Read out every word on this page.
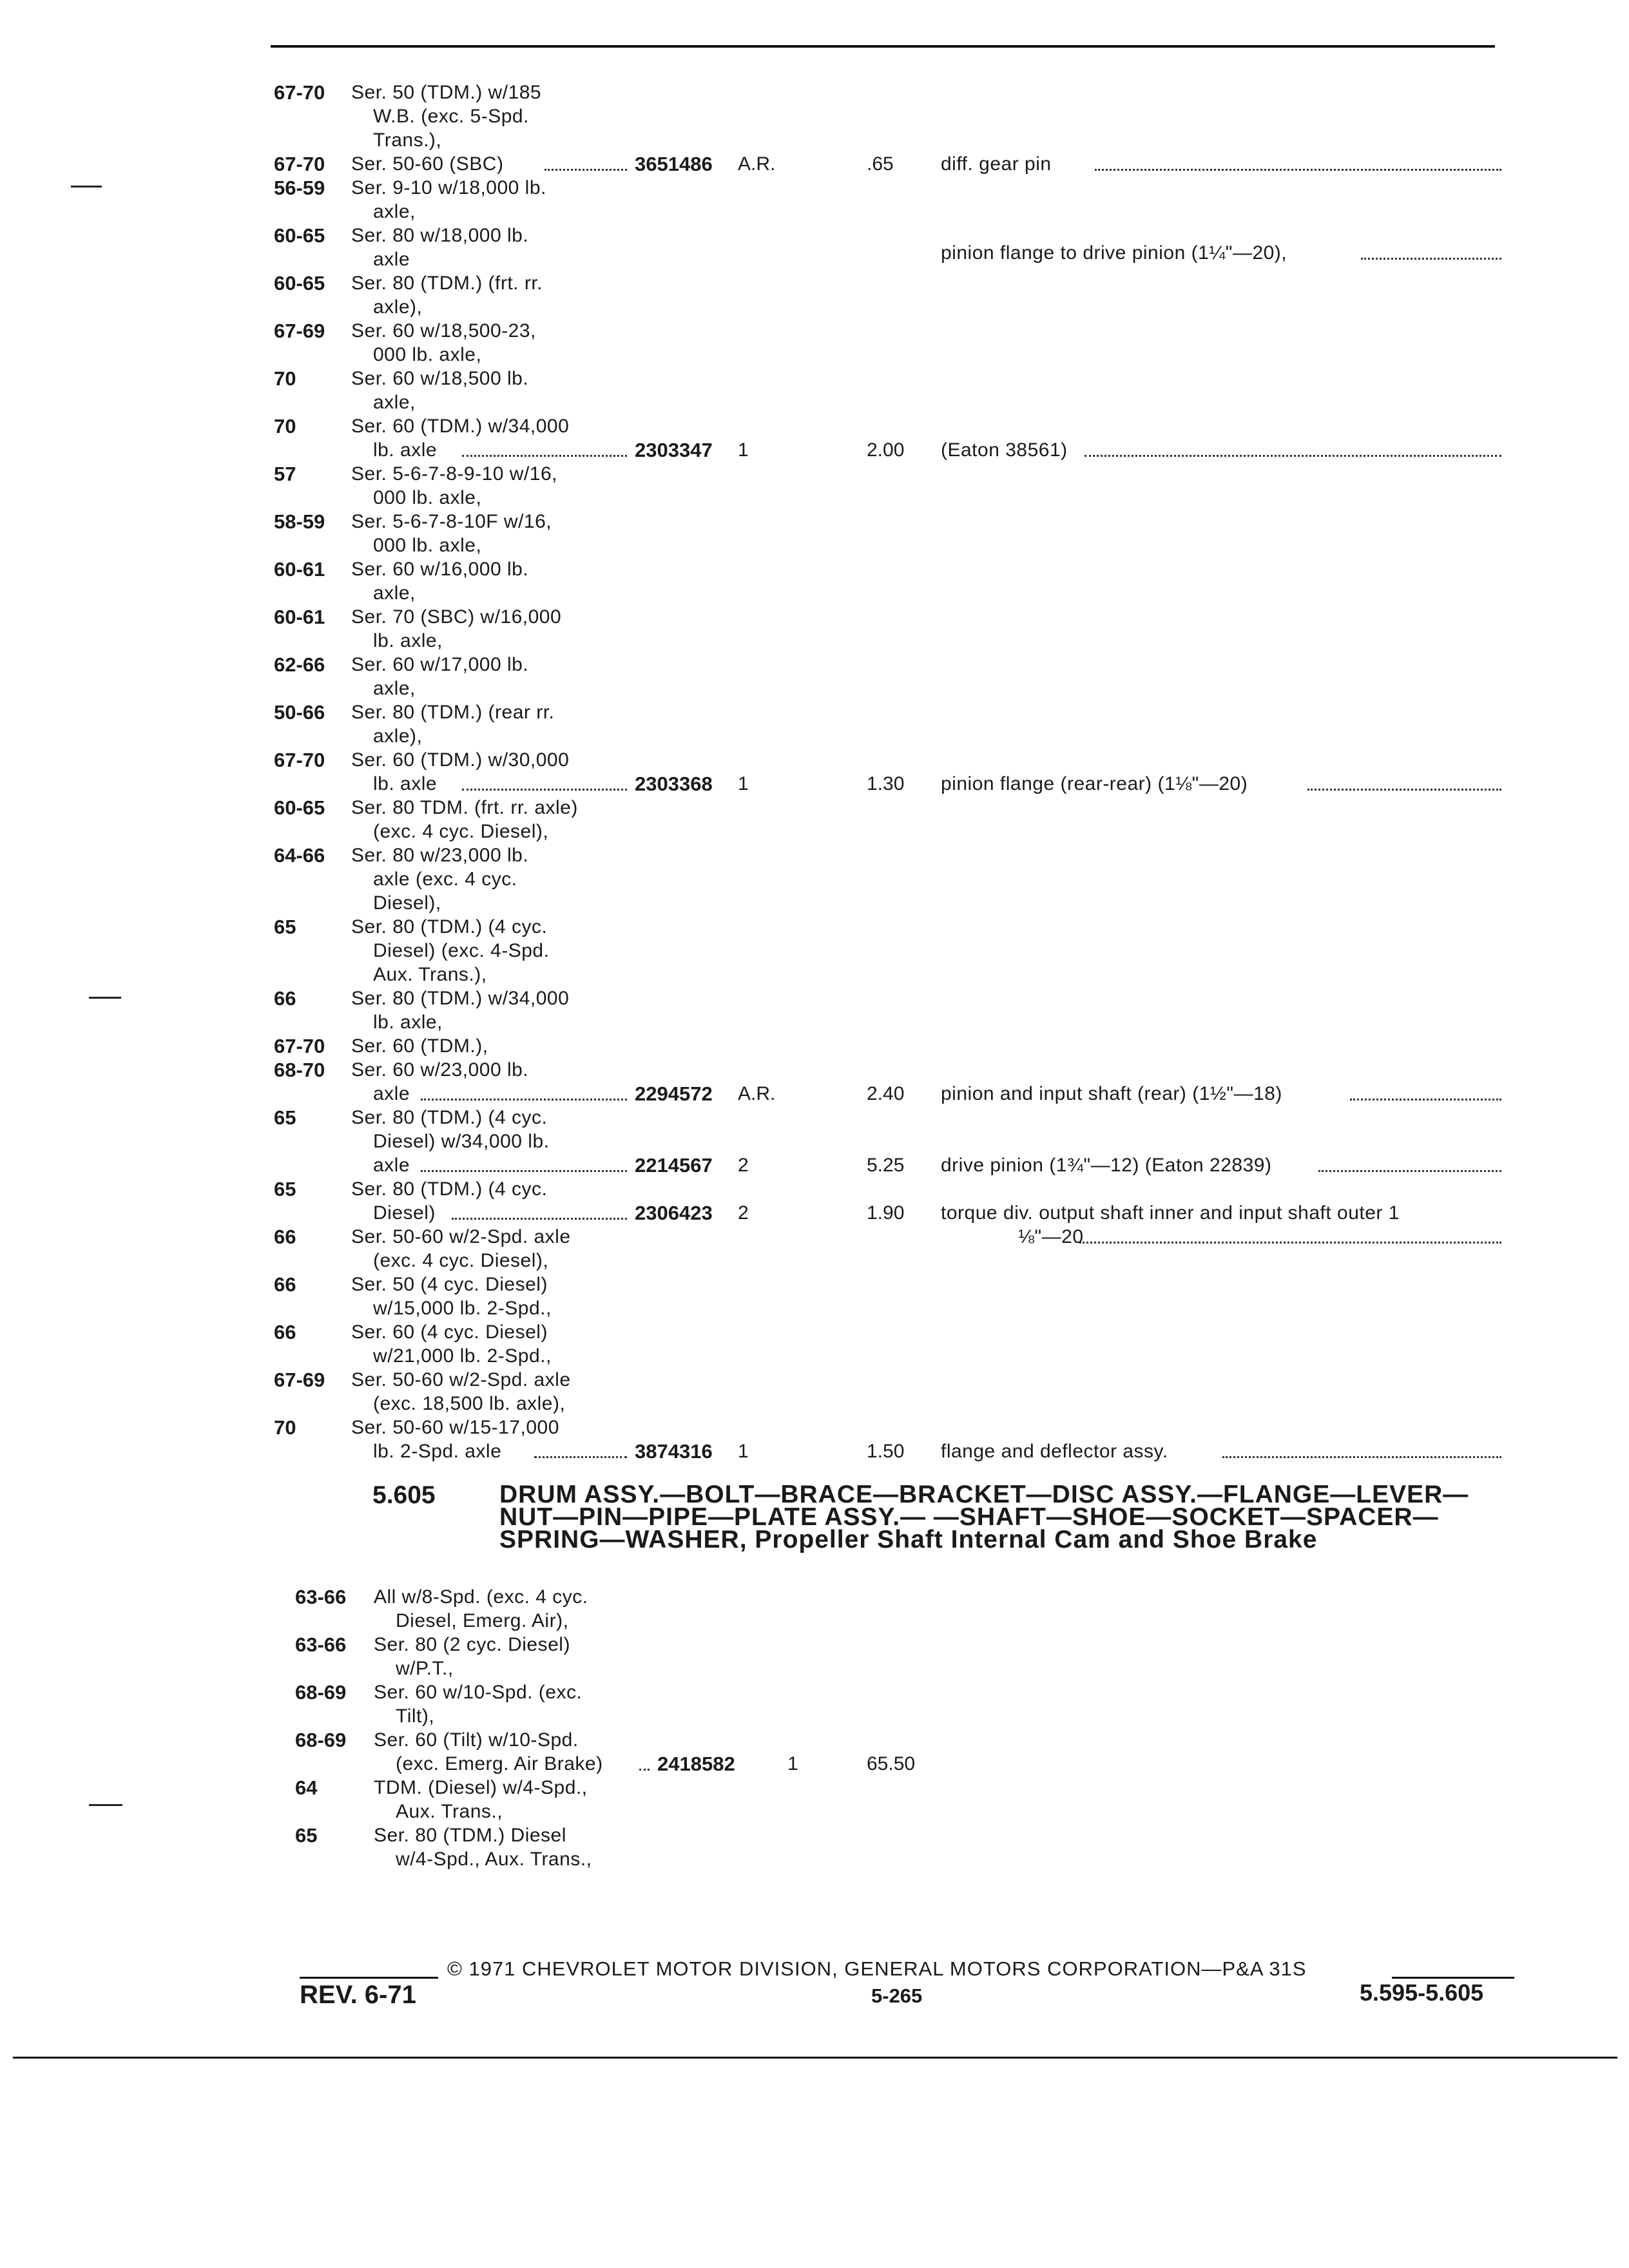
67-70 Ser. 50 (TDM.) w/185
W.B. (exc. 5-Spd.
Trans.),
67-70 Ser. 50-60 (SBC)	3651486 A.R.	.65 diff. gear pin
56-59 Ser. 9-10 w/18,000 lb.
axle,
60-65 Ser. 80 w/18,000 lb.
axle	pinion flange to drive pinion (1¼"—20),
60-65 Ser. 80 (TDM.) (frt. rr.
axle),
67-69 Ser. 60 w/18,500-23,
000 lb. axle,
70	Ser. 60 w/18,500 lb.
axle,
70	Ser. 60 (TDM.) w/34,000
lb. axle	2303347 1	2.00 (Eaton 38561)
57	Ser. 5-6-7-8-9-10 w/16,
000 lb. axle,
58-59 Ser. 5-6-7-8-10F w/16,
000 lb. axle,
60-61 Ser. 60 w/16,000 lb.
axle,
60-61 Ser. 70 (SBC) w/16,000
lb. axle,
62-66 Ser. 60 w/17,000 lb.
axle,
50-66 Ser. 80 (TDM.) (rear rr.
axle),
67-70 Ser. 60 (TDM.) w/30,000
lb. axle	2303368 1	1.30 pinion flange (rear-rear) (1⅛"—20)
60-65 Ser. 80 TDM. (frt. rr. axle)
(exc. 4 cyc. Diesel),
64-66 Ser. 80 w/23,000 lb.
axle (exc. 4 cyc.
Diesel),
65	Ser. 80 (TDM.) (4 cyc.
Diesel) (exc. 4-Spd.
Aux. Trans.),
66	Ser. 80 (TDM.) w/34,000
lb. axle,
67-70 Ser. 60 (TDM.),
68-70 Ser. 60 w/23,000 lb.
axle	2294572 A.R.	2.40 pinion and input shaft (rear) (1½"—18)
65	Ser. 80 (TDM.) (4 cyc.
Diesel) w/34,000 lb.
axle	2214567 2	5.25 drive pinion (1¾"—12) (Eaton 22839)
65	Ser. 80 (TDM.) (4 cyc.
Diesel)	2306423 2	1.90 torque div. output shaft inner and input shaft outer 1
⅛"—20
66	Ser. 50-60 w/2-Spd. axle
(exc. 4 cyc. Diesel),
66	Ser. 50 (4 cyc. Diesel)
w/15,000 lb. 2-Spd.,
66	Ser. 60 (4 cyc. Diesel)
w/21,000 lb. 2-Spd.,
67-69 Ser. 50-60 w/2-Spd. axle
(exc. 18,500 lb. axle),
70	Ser. 50-60 w/15-17,000
lb. 2-Spd. axle	3874316 1	1.50 flange and deflector assy.
5.605	DRUM ASSY.—BOLT—BRACE—BRACKET—DISC ASSY.—FLANGE—LEVER—NUT—PIN—PIPE—PLATE ASSY.— —SHAFT—SHOE—SOCKET—SPACER—SPRING—WASHER, Propeller Shaft Internal Cam and Shoe Brake
63-66 All w/8-Spd. (exc. 4 cyc.
Diesel, Emerg. Air),
63-66 Ser. 80 (2 cyc. Diesel)
w/P.T.,
68-69 Ser. 60 w/10-Spd. (exc.
Tilt),
68-69 Ser. 60 (Tilt) w/10-Spd.
(exc. Emerg. Air Brake)	2418582	1	65.50
64	TDM. (Diesel) w/4-Spd.,
Aux. Trans.,
65	Ser. 80 (TDM.) Diesel
w/4-Spd., Aux. Trans.,
© 1971 CHEVROLET MOTOR DIVISION, GENERAL MOTORS CORPORATION—P&A 31S
REV. 6-71	5-265	5.595-5.605
